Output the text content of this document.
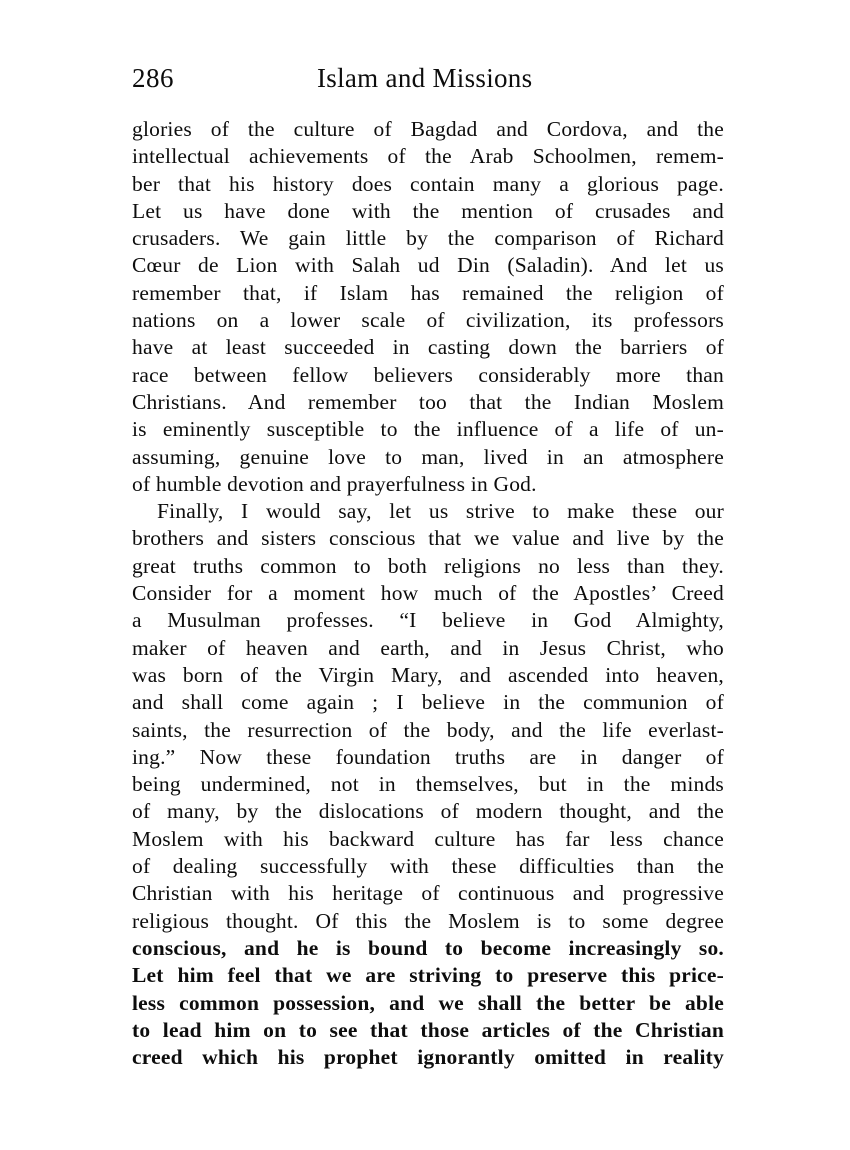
286	Islam and Missions
glories of the culture of Bagdad and Cordova, and the
intellectual achievements of the Arab Schoolmen, remem-
ber that his history does contain many a glorious page.
Let us have done with the mention of crusades and
crusaders. We gain little by the comparison of Richard
Cœur de Lion with Salah ud Din (Saladin). And let us
remember that, if Islam has remained the religion of
nations on a lower scale of civilization, its professors
have at least succeeded in casting down the barriers of
race between fellow believers considerably more than
Christians. And remember too that the Indian Moslem
is eminently susceptible to the influence of a life of un-
assuming, genuine love to man, lived in an atmosphere
of humble devotion and prayerfulness in God.
Finally, I would say, let us strive to make these our
brothers and sisters conscious that we value and live by the
great truths common to both religions no less than they.
Consider for a moment how much of the Apostles’ Creed
a Musulman professes. “I believe in God Almighty,
maker of heaven and earth, and in Jesus Christ, who
was born of the Virgin Mary, and ascended into heaven,
and shall come again ; I believe in the communion of
saints, the resurrection of the body, and the life everlast-
ing.” Now these foundation truths are in danger of
being undermined, not in themselves, but in the minds
of many, by the dislocations of modern thought, and the
Moslem with his backward culture has far less chance
of dealing successfully with these difficulties than the
Christian with his heritage of continuous and progressive
religious thought. Of this the Moslem is to some degree
conscious, and he is bound to become increasingly so.
Let him feel that we are striving to preserve this price-
less common possession, and we shall the better be able
to lead him on to see that those articles of the Christian
creed which his prophet ignorantly omitted in reality
